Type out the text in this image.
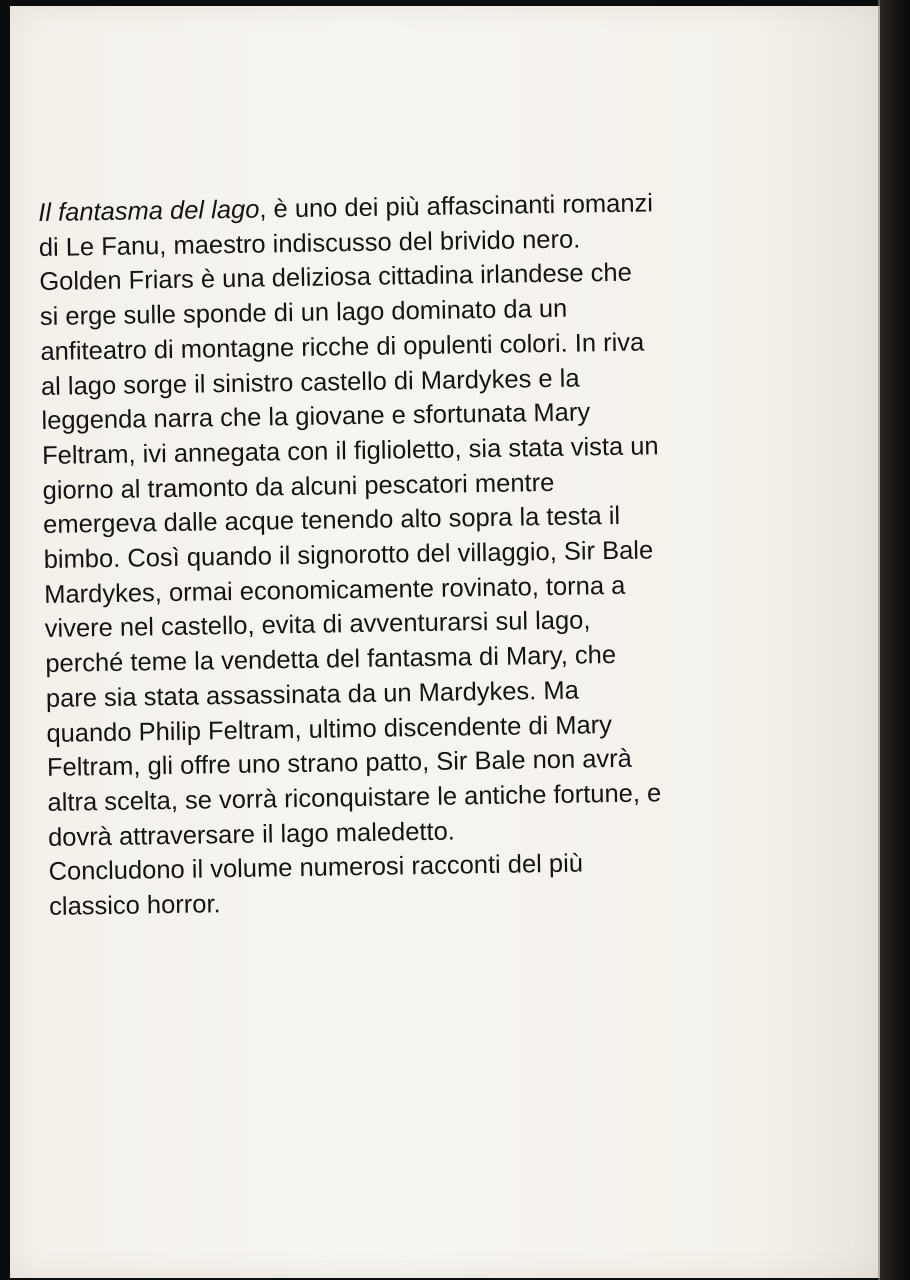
Il fantasma del lago, è uno dei più affascinanti romanzi
di Le Fanu, maestro indiscusso del brivido nero.
Golden Friars è una deliziosa cittadina irlandese che
si erge sulle sponde di un lago dominato da un
anfiteatro di montagne ricche di opulenti colori. In riva
al lago sorge il sinistro castello di Mardykes e la
leggenda narra che la giovane e sfortunata Mary
Feltram, ivi annegata con il figlioletto, sia stata vista un
giorno al tramonto da alcuni pescatori mentre
emergeva dalle acque tenendo alto sopra la testa il
bimbo. Così quando il signorotto del villaggio, Sir Bale
Mardykes, ormai economicamente rovinato, torna a
vivere nel castello, evita di avventurarsi sul lago,
perché teme la vendetta del fantasma di Mary, che
pare sia stata assassinata da un Mardykes. Ma
quando Philip Feltram, ultimo discendente di Mary
Feltram, gli offre uno strano patto, Sir Bale non avrà
altra scelta, se vorrà riconquistare le antiche fortune, e
dovrà attraversare il lago maledetto.
Concludono il volume numerosi racconti del più
classico horror.
